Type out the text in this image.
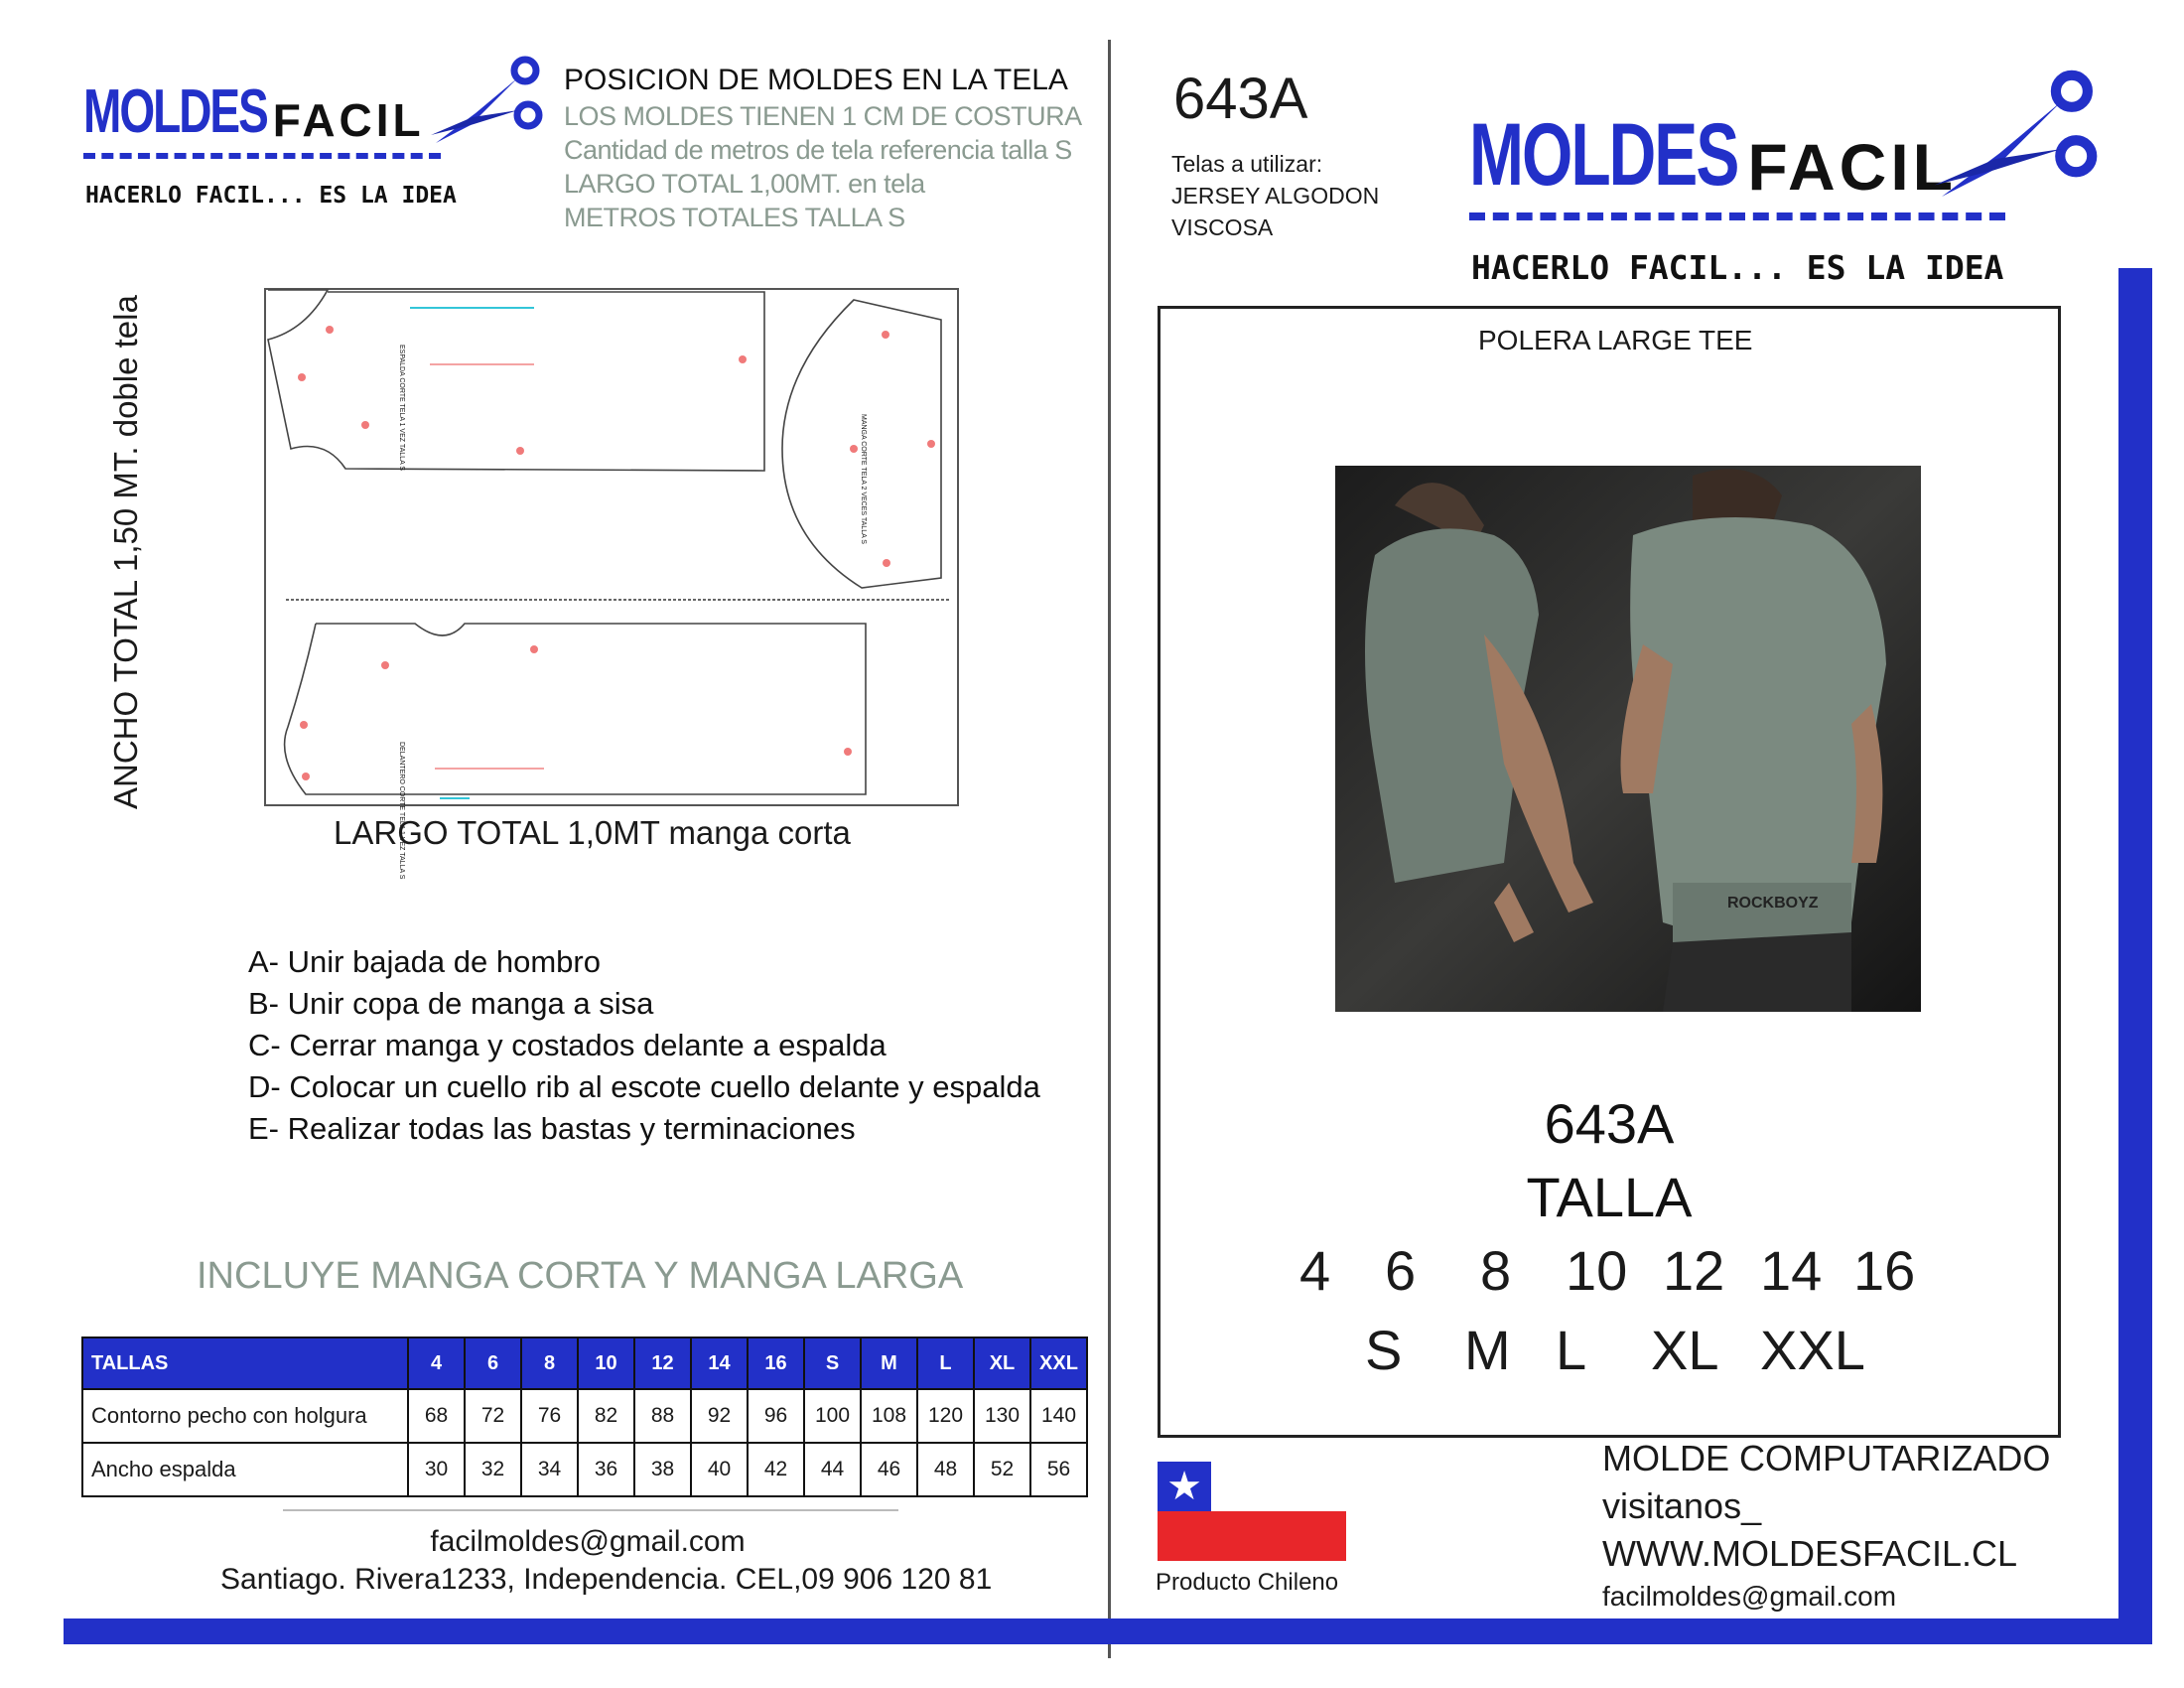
MOLDES FACIL
HACERLO FACIL... ES LA IDEA
POSICION DE MOLDES EN LA TELA
LOS MOLDES TIENEN 1 CM DE COSTURA
Cantidad de metros de tela referencia talla S
LARGO TOTAL 1,00MT. en tela
METROS TOTALES TALLA S
ANCHO TOTAL 1,50 MT. doble tela	ESPALDA CORTE TELA 1 VEZ TALLA S
MANGA CORTE TELA 2 VECES TALLA S
DELANTERO CORTE TELA 1 VEZ TALLA S
LARGO TOTAL 1,0MT manga corta
A- Unir bajada de hombro
B- Unir copa de manga a sisa
C- Cerrar manga y costados delante a espalda
D- Colocar un cuello rib al escote cuello delante y espalda
E- Realizar todas las bastas y terminaciones
INCLUYE MANGA CORTA Y MANGA LARGA
TALLAS	4	6	8	10	12	14	16	S	M	L	XL	XXL
Contorno pecho con holgura	68	72	76	82	88	92	96	100	108	120	130	140
Ancho espalda	30	32	34	36	38	40	42	44	46	48	52	56
facilmoldes@gmail.com
Santiago. Rivera1233, Independencia. CEL,09 906 120 81
643A
Telas a utilizar:
JERSEY ALGODON
VISCOSA
MOLDES FACIL
HACERLO FACIL... ES LA IDEA
POLERA LARGE TEE
ROCKBOYZ
643A
TALLA
4 6 8 10 12 14 16
S M L XL XXL
★
Producto Chileno
MOLDE COMPUTARIZADO
visitanos_
WWW.MOLDESFACIL.CL
facilmoldes@gmail.com
